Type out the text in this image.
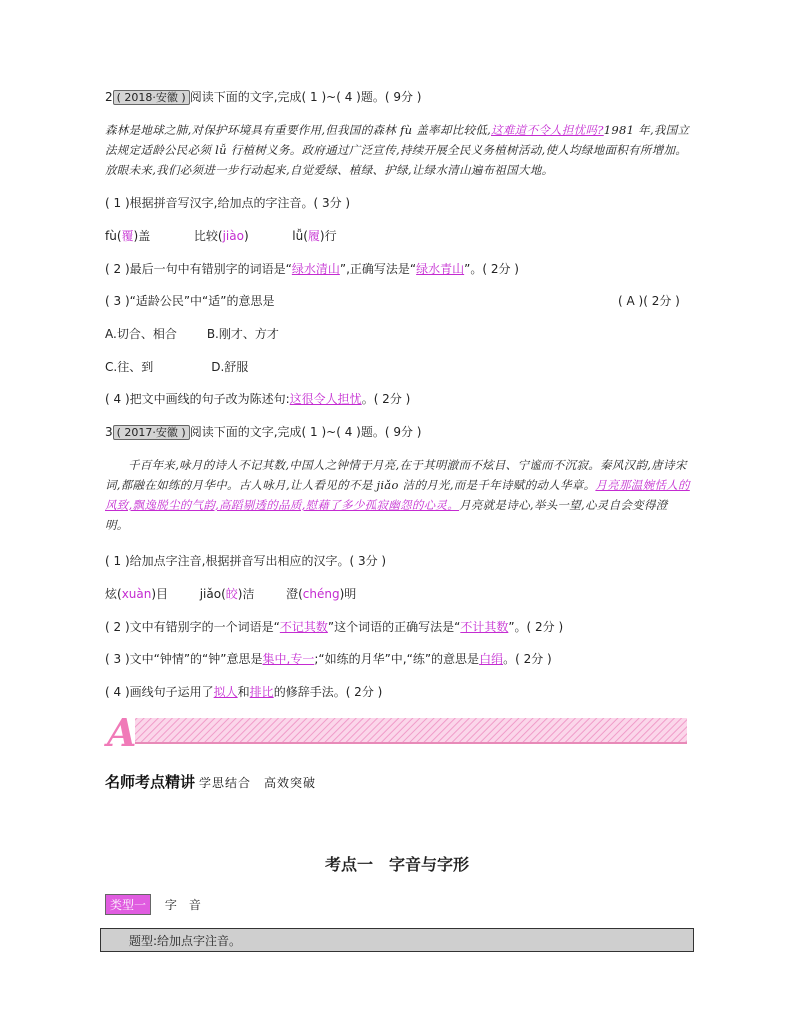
2 ( 2018·安徽 ) 阅读下面的文字,完成( 1 )~( 4 )题。( 9分 )
森林是地球之肺,对保护环境具有重要作用,但我国的森林 fù 盖率却比较低,这难道不令人担忧吗?1981 年,我国立法规定适龄公民必须 lǚ 行植树义务。政府通过广泛宣传,持续开展全民义务植树活动,使人均绿地面积有所增加。放眼未来,我们必须进一步行动起来,自觉爱绿、植绿、护绿,让绿水清山遍布祖国大地。
( 1 )根据拼音写汉字,给加点的字注音。( 3分 )
fù(覆)盖	比较(jiào)	lǚ(履)行
( 2 )最后一句中有错别字的词语是“绿水清山”,正确写法是“绿水青山”。( 2分 )
( 3 )“适龄公民”中“适”的意思是	( A )( 2分 )
A.切合、相合	B.刚才、方才
C.往、到	D.舒服
( 4 )把文中画线的句子改为陈述句:这很令人担忧。( 2分 )
3 ( 2017·安徽 ) 阅读下面的文字,完成( 1 )~( 4 )题。( 9分 )
千百年来,咏月的诗人不记其数,中国人之钟情于月亮,在于其明澈而不炫目、宁谧而不沉寂。秦风汉韵,唐诗宋词,都融在如练的月华中。古人咏月,让人看见的不是 jiǎo 洁的月光,而是千年诗赋的动人华章。月亮那温婉恬人的风致,飘逸脱尘的气韵,高蹈剔透的品质,慰藉了多少孤寂幽怨的心灵。月亮就是诗心,举头一望,心灵自会变得澄明。
( 1 )给加点字注音,根据拼音写出相应的汉字。( 3分 )
炫(xuàn)目	jiǎo(皎)洁	澄(chéng)明
( 2 )文中有错别字的一个词语是“不记其数”这个词语的正确写法是“不计其数”。( 2分 )
( 3 )文中“钟情”的“钟”意思是集中,专一;“如练的月华”中,“练”的意思是白绢。( 2分 )
( 4 )画线句子运用了拟人和排比的修辞手法。( 2分 )
A
名师考点精讲 学思结合　高效突破
考点一　字音与字形
类型一 字　音
题型:给加点字注音。
